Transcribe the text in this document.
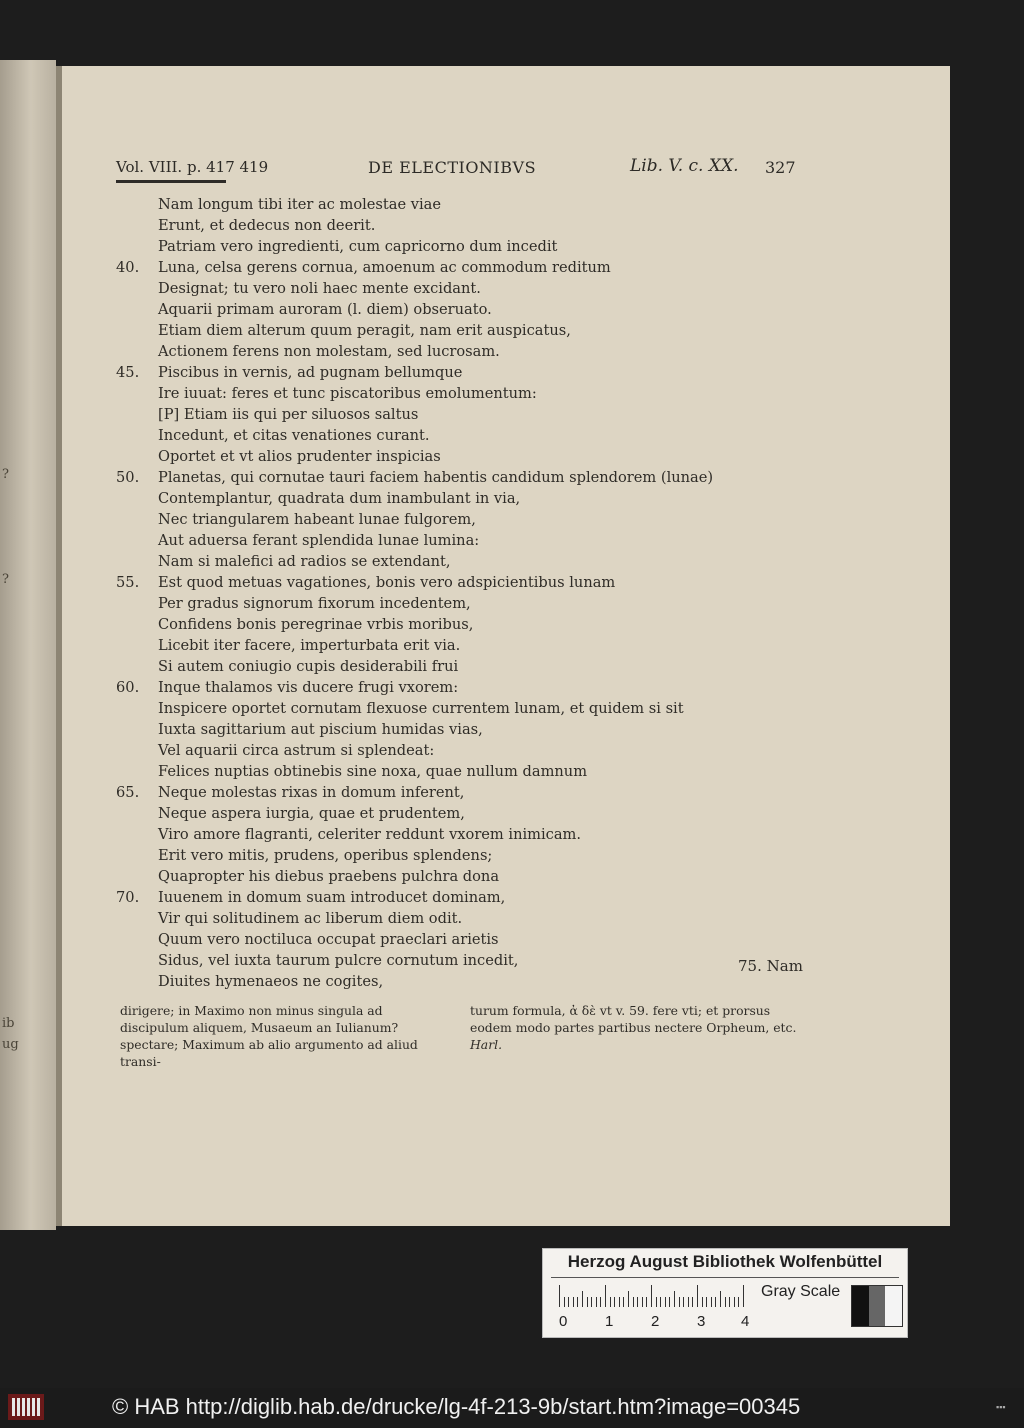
?
?
ib
ug
Vol. VIII. p. 417 419	DE ELECTIONIBVS	Lib. V. c. XX. 327
Nam longum tibi iter ac molestae viae
Erunt, et dedecus non deerit.
Patriam vero ingredienti, cum capricorno dum incedit
40.	Luna, celsa gerens cornua, amoenum ac commodum reditum
Designat; tu vero noli haec mente excidant.
Aquarii primam auroram (l. diem) obseruato.
Etiam diem alterum quum peragit, nam erit auspicatus,
Actionem ferens non molestam, sed lucrosam.
45.	Piscibus in vernis, ad pugnam bellumque
Ire iuuat: feres et tunc piscatoribus emolumentum:
[P] Etiam iis qui per siluosos saltus
Incedunt, et citas venationes curant.
Oportet et vt alios prudenter inspicias
50.	Planetas, qui cornutae tauri faciem habentis candidum splendorem (lunae)
Contemplantur, quadrata dum inambulant in via,
Nec triangularem habeant lunae fulgorem,
Aut aduersa ferant splendida lunae lumina:
Nam si malefici ad radios se extendant,
55.	Est quod metuas vagationes, bonis vero adspicientibus lunam
Per gradus signorum fixorum incedentem,
Confidens bonis peregrinae vrbis moribus,
Licebit iter facere, imperturbata erit via.
Si autem coniugio cupis desiderabili frui
60.	Inque thalamos vis ducere frugi vxorem:
Inspicere oportet cornutam flexuose currentem lunam, et quidem si sit
Iuxta sagittarium aut piscium humidas vias,
Vel aquarii circa astrum si splendeat:
Felices nuptias obtinebis sine noxa, quae nullum damnum
65.	Neque molestas rixas in domum inferent,
Neque aspera iurgia, quae et prudentem,
Viro amore flagranti, celeriter reddunt vxorem inimicam.
Erit vero mitis, prudens, operibus splendens;
Quapropter his diebus praebens pulchra dona
70.	Iuuenem in domum suam introducet dominam,
Vir qui solitudinem ac liberum diem odit.
Quum vero noctiluca occupat praeclari arietis
Sidus, vel iuxta taurum pulcre cornutum incedit,
Diuites hymenaeos ne cogites,
75. Nam
dirigere; in Maximo non minus singula ad discipulum aliquem, Musaeum an Iulianum? spectare; Maximum ab alio argumento ad aliud transi-
turum formula, ἀ δὲ vt v. 59. fere vti; et prorsus eodem modo partes partibus nectere Orpheum, etc. Harl.
Herzog August Bibliothek Wolfenbüttel
0	1	2	3 4
Gray Scale
© HAB http://diglib.hab.de/drucke/lg-4f-213-9b/start.htm?image=00345	▪▪▪
